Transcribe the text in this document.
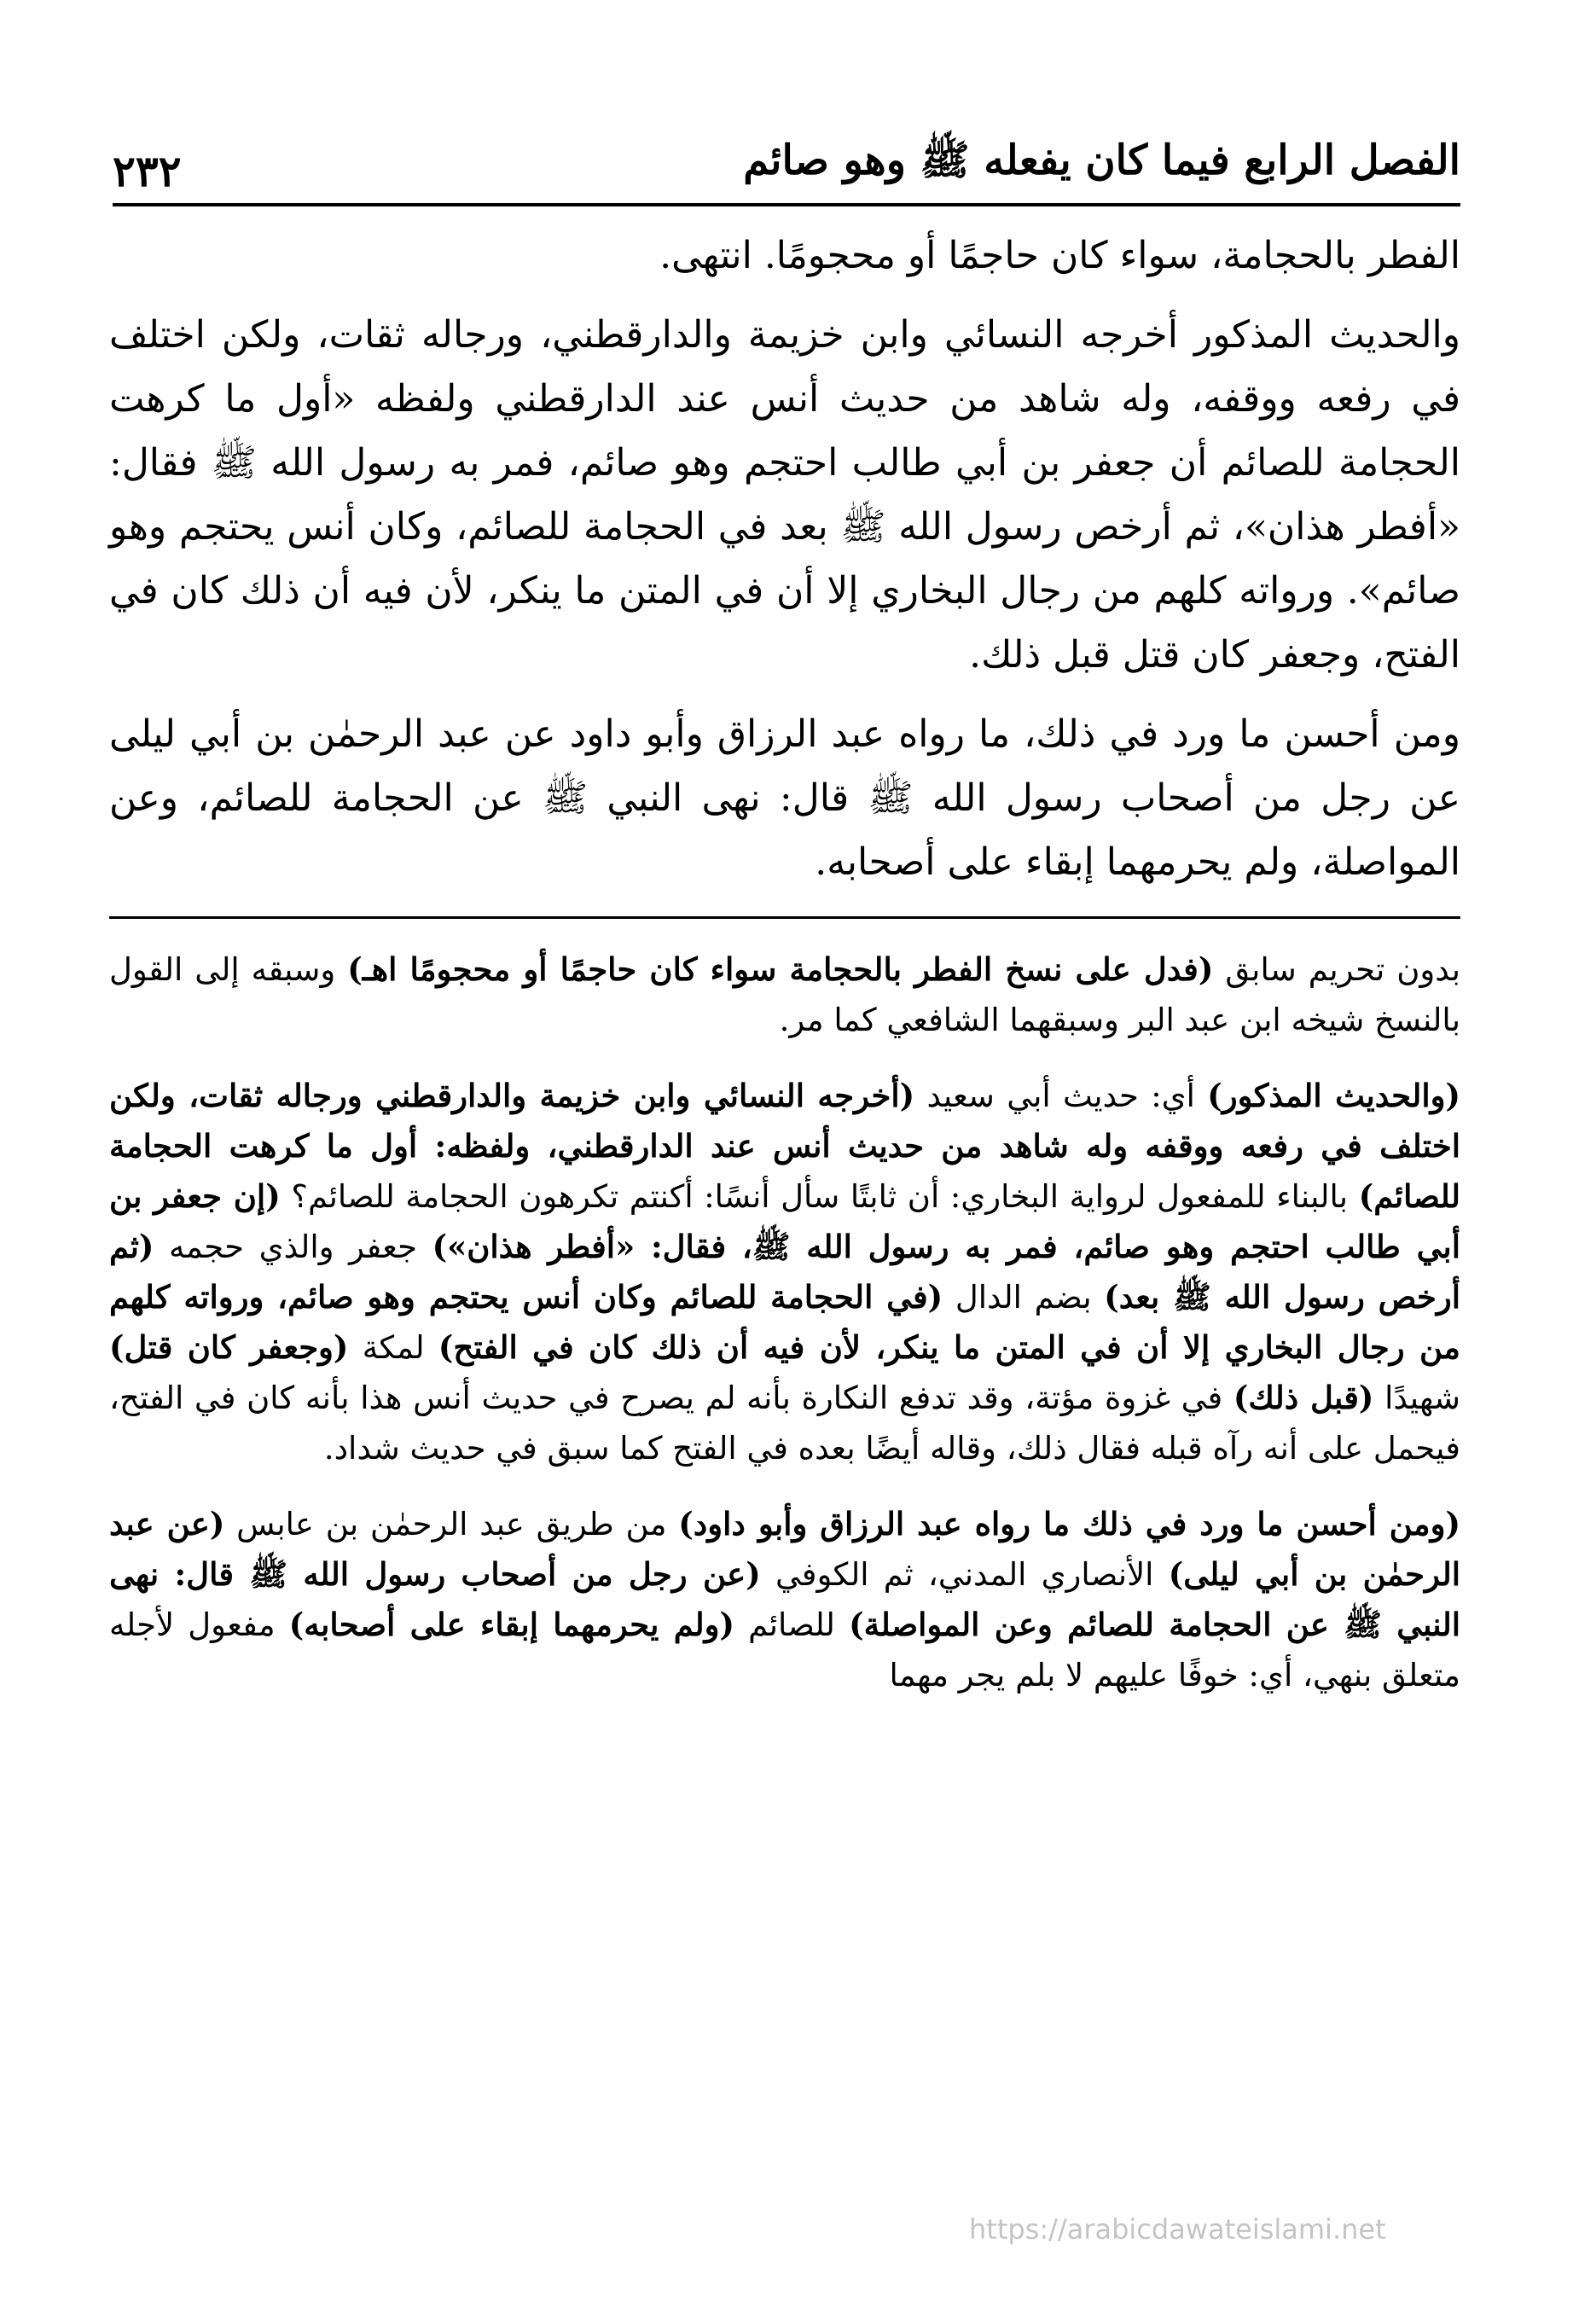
الفصل الرابع فيما كان يفعله ﷺ وهو صائم
٢٣٢

الفطر بالحجامة، سواء كان حاجمًا أو محجومًا. انتهى.

والحديث المذكور أخرجه النسائي وابن خزيمة والدارقطني، ورجاله ثقات، ولكن اختلف في رفعه ووقفه، وله شاهد من حديث أنس عند الدارقطني ولفظه «أول ما كرهت الحجامة للصائم أن جعفر بن أبي طالب احتجم وهو صائم، فمر به رسول الله ﷺ فقال: «أفطر هذان»، ثم أرخص رسول الله ﷺ بعد في الحجامة للصائم، وكان أنس يحتجم وهو صائم». ورواته كلهم من رجال البخاري إلا أن في المتن ما ينكر، لأن فيه أن ذلك كان في الفتح، وجعفر كان قتل قبل ذلك.

ومن أحسن ما ورد في ذلك، ما رواه عبد الرزاق وأبو داود عن عبد الرحمٰن بن أبي ليلى عن رجل من أصحاب رسول الله ﷺ قال: نهى النبي ﷺ عن الحجامة للصائم، وعن المواصلة، ولم يحرمهما إبقاء على أصحابه.

بدون تحريم سابق (فدل على نسخ الفطر بالحجامة سواء كان حاجمًا أو محجومًا اهـ) وسبقه إلى القول بالنسخ شيخه ابن عبد البر وسبقهما الشافعي كما مر.

(والحديث المذكور) أي: حديث أبي سعيد (أخرجه النسائي وابن خزيمة والدارقطني ورجاله ثقات، ولكن اختلف في رفعه ووقفه وله شاهد من حديث أنس عند الدارقطني، ولفظه: أول ما كرهت الحجامة للصائم) بالبناء للمفعول لرواية البخاري: أن ثابتًا سأل أنسًا: أكنتم تكرهون الحجامة للصائم؟ (إن جعفر بن أبي طالب احتجم وهو صائم، فمر به رسول الله ﷺ، فقال: «أفطر هذان») جعفر والذي حجمه (ثم أرخص رسول الله ﷺ بعد) بضم الدال (في الحجامة للصائم وكان أنس يحتجم وهو صائم، ورواته كلهم من رجال البخاري إلا أن في المتن ما ينكر، لأن فيه أن ذلك كان في الفتح) لمكة (وجعفر كان قتل) شهيدًا (قبل ذلك) في غزوة مؤتة، وقد تدفع النكارة بأنه لم يصرح في حديث أنس هذا بأنه كان في الفتح، فيحمل على أنه رآه قبله فقال ذلك، وقاله أيضًا بعده في الفتح كما سبق في حديث شداد.

(ومن أحسن ما ورد في ذلك ما رواه عبد الرزاق وأبو داود) من طريق عبد الرحمٰن بن عابس (عن عبد الرحمٰن بن أبي ليلى) الأنصاري المدني، ثم الكوفي (عن رجل من أصحاب رسول الله ﷺ قال: نهى النبي ﷺ عن الحجامة للصائم وعن المواصلة) للصائم (ولم يحرمهما إبقاء على أصحابه) مفعول لأجله متعلق بنهي، أي: خوفًا عليهم لا بلم يجر مهما

https://arabicdawateislami.net
